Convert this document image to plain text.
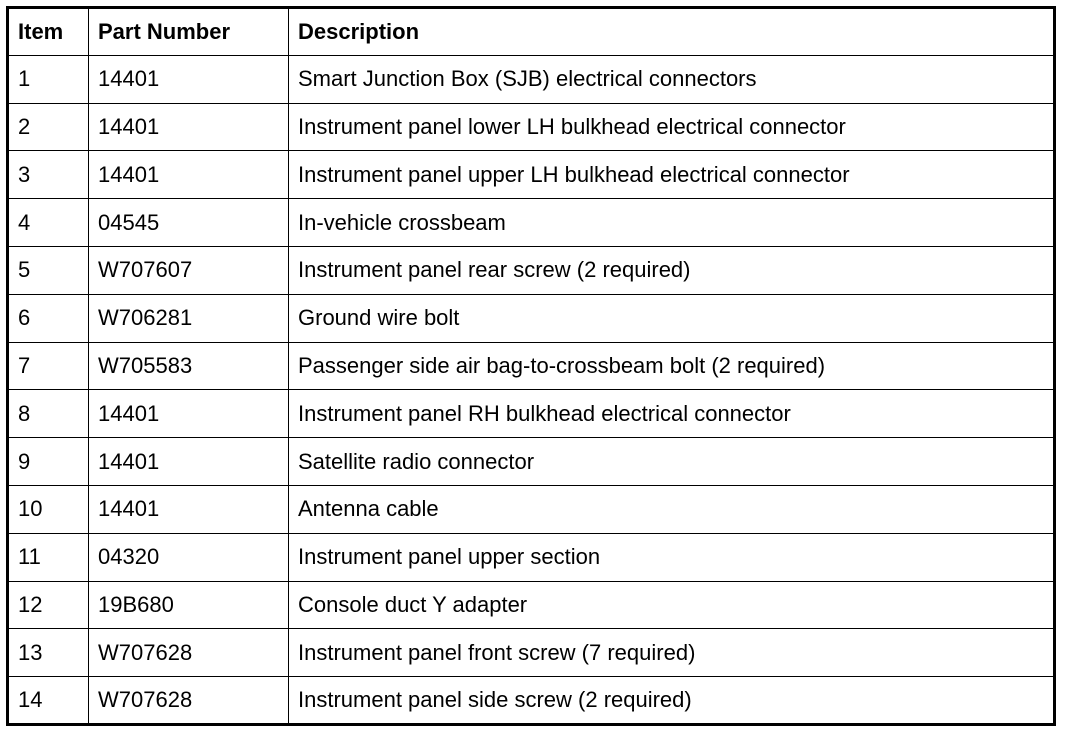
Item	Part Number	Description
1	14401	Smart Junction Box (SJB) electrical connectors
2	14401	Instrument panel lower LH bulkhead electrical connector
3	14401	Instrument panel upper LH bulkhead electrical connector
4	04545	In-vehicle crossbeam
5	W707607	Instrument panel rear screw (2 required)
6	W706281	Ground wire bolt
7	W705583	Passenger side air bag-to-crossbeam bolt (2 required)
8	14401	Instrument panel RH bulkhead electrical connector
9	14401	Satellite radio connector
10	14401	Antenna cable
11	04320	Instrument panel upper section
12	19B680	Console duct Y adapter
13	W707628	Instrument panel front screw (7 required)
14	W707628	Instrument panel side screw (2 required)
